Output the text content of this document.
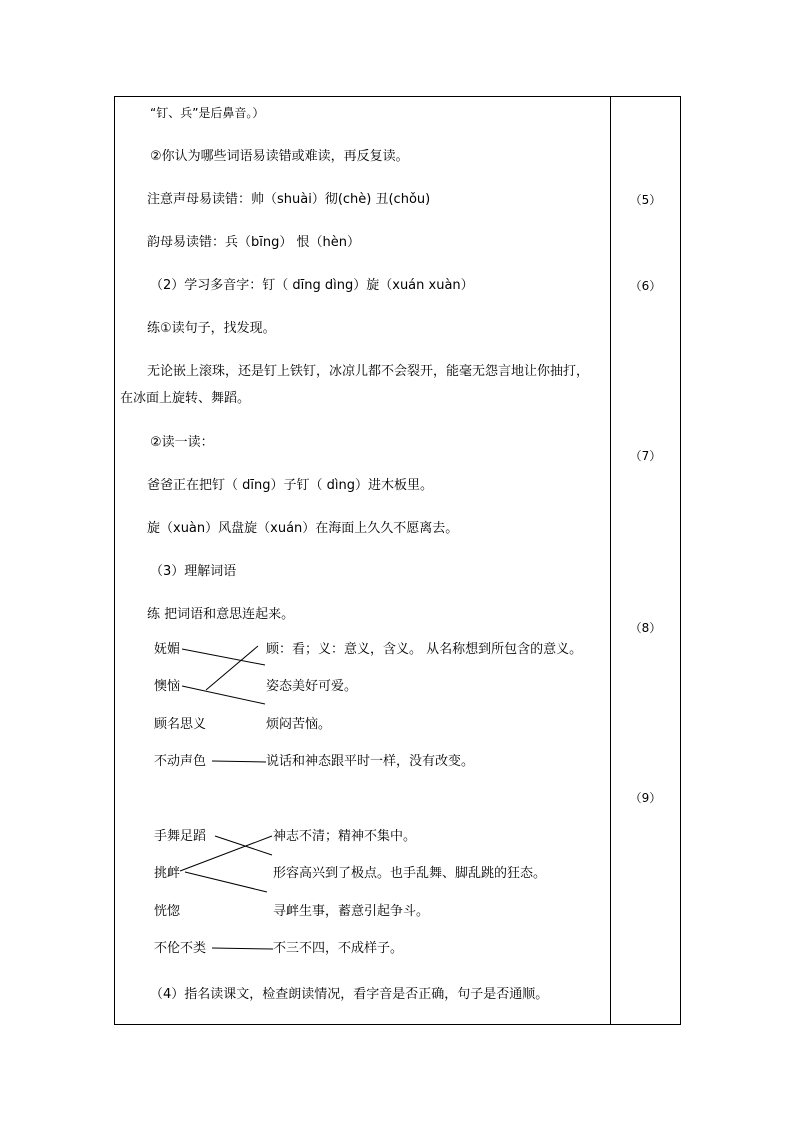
“钉、兵”是后鼻音。）
②你认为哪些词语易读错或难读，再反复读。
注意声母易读错：帅（shuài）彻(chè) 丑(chǒu)
韵母易读错：兵（bīng） 恨（hèn）
（2）学习多音字：钉（ dīng dìng）旋（xuán xuàn）
练①读句子，找发现。
无论嵌上滚珠，还是钉上铁钉，冰凉儿都不会裂开，能毫无怨言地让你抽打，在冰面上旋转、舞蹈。
②读一读：
爸爸正在把钉（ dīng）子钉（ dìng）进木板里。
旋（xuàn）风盘旋（xuán）在海面上久久不愿离去。
（3）理解词语
练 把词语和意思连起来。
妩媚
懊恼
顾名思义
不动声色
顾：看；义：意义，含义。 从名称想到所包含的意义。
姿态美好可爱。
烦闷苦恼。
说话和神态跟平时一样，没有改变。
手舞足蹈
挑衅
恍惚
不伦不类
神志不清；精神不集中。
形容高兴到了极点。也手乱舞、脚乱跳的狂态。
寻衅生事，蓄意引起争斗。
不三不四，不成样子。
（4）指名读课文，检查朗读情况，看字音是否正确，句子是否通顺。
（5）
（6）
（7）
（8）
（9）
